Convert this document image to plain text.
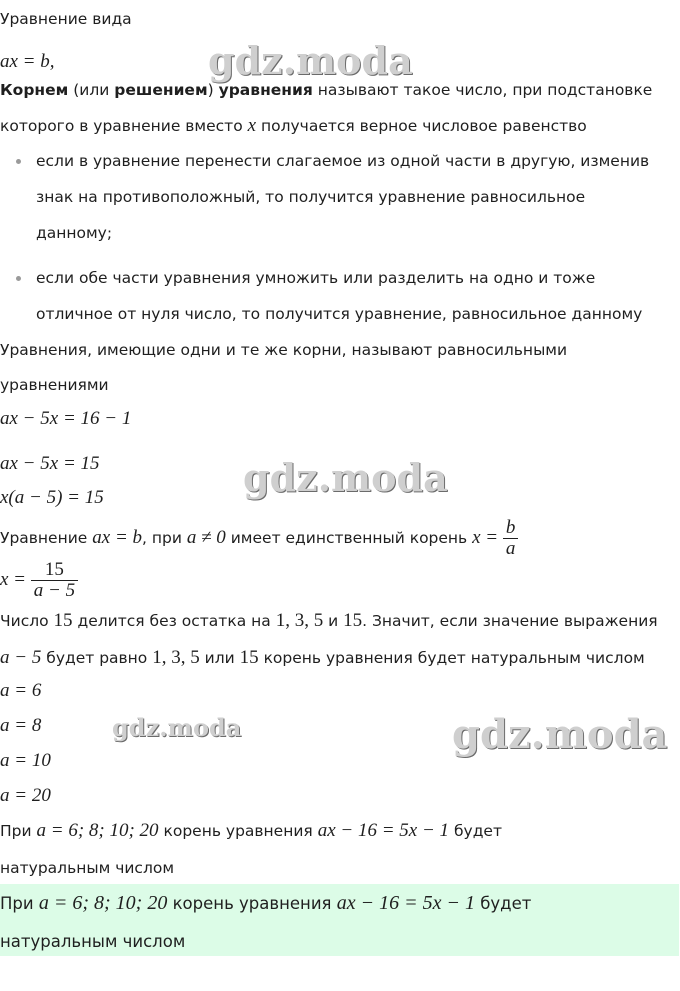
gdz.moda
gdz.moda
gdz.moda	gdz.moda
Уравнение вида
ax = b,
Корнем (или решением) уравнения называют такое число, при подстановке
которого в уравнение вместо x получается верное числовое равенство
если в уравнение перенести слагаемое из одной части в другую, изменив
знак на противоположный, то получится уравнение равносильное
данному;
если обе части уравнения умножить или разделить на одно и тоже
отличное от нуля число, то получится уравнение, равносильное данному
Уравнения, имеющие одни и те же корни, называют равносильными
уравнениями
ax − 5x = 16 − 1
ax − 5x = 15
x(a − 5) = 15
Уравнение ax = b, при a ≠ 0 имеет единственный корень $x = \frac{b}{a}$
$x = \frac{15}{a - 5}$
Число 15 делится без остатка на 1, 3, 5 и 15. Значит, если значение выражения
a − 5 будет равно 1, 3, 5 или 15 корень уравнения будет натуральным числом
a = 6
a = 8
a = 10
a = 20
При a = 6; 8; 10; 20 корень уравнения ax − 16 = 5x − 1 будет
натуральным числом
При a = 6; 8; 10; 20 корень уравнения ax − 16 = 5x − 1 будет
натуральным числом
